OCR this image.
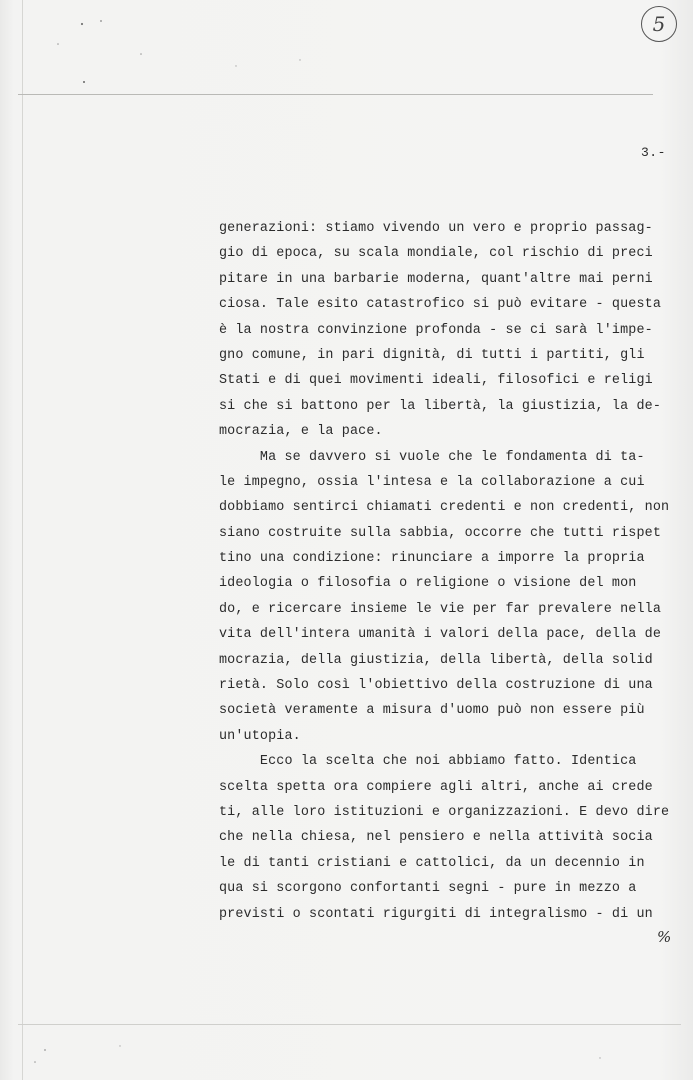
5
3.-
generazioni: stiamo vivendo un vero e proprio passag-
gio di epoca, su scala mondiale, col rischio di preci
pitare in una barbarie moderna, quant'altre mai perni
ciosa. Tale esito catastrofico si può evitare - questa
è la nostra convinzione profonda - se ci sarà l'impe-
gno comune, in pari dignità, di tutti i partiti, gli
Stati e di quei movimenti ideali, filosofici e religi
si che si battono per la libertà, la giustizia, la de-
mocrazia, e la pace.
Ma se davvero si vuole che le fondamenta di ta-
le impegno, ossia l'intesa e la collaborazione a cui
dobbiamo sentirci chiamati credenti e non credenti, non
siano costruite sulla sabbia, occorre che tutti rispet
tino una condizione: rinunciare a imporre la propria
ideologia o filosofia o religione o visione del mon
do, e ricercare insieme le vie per far prevalere nella
vita dell'intera umanità i valori della pace, della de
mocrazia, della giustizia, della libertà, della solid
rietà. Solo così l'obiettivo della costruzione di una
società veramente a misura d'uomo può non essere più
un'utopia.
Ecco la scelta che noi abbiamo fatto. Identica
scelta spetta ora compiere agli altri, anche ai crede
ti, alle loro istituzioni e organizzazioni. E devo dire
che nella chiesa, nel pensiero e nella attività socia
le di tanti cristiani e cattolici, da un decennio in
qua si scorgono confortanti segni - pure in mezzo a
previsti o scontati rigurgiti di integralismo - di un
%
